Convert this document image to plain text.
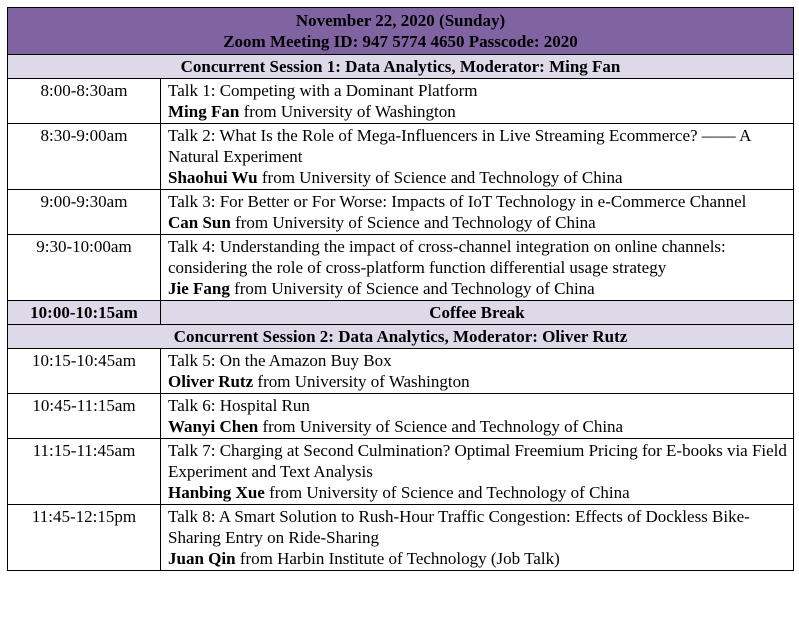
November 22, 2020 (Sunday)
Zoom Meeting ID: 947 5774 4650 Passcode: 2020	

Concurrent Session 1: Data Analytics, Moderator: Ming Fan	
8:00-8:30am	Talk 1: Competing with a Dominant Platform
Ming Fan from University of Washington

8:30-9:00am	Talk 2: What Is the Role of Mega-Influencers in Live Streaming Ecommerce? —— A Natural Experiment
Shaohui Wu from University of Science and Technology of China

9:00-9:30am	Talk 3: For Better or For Worse: Impacts of IoT Technology in e-Commerce Channel
Can Sun from University of Science and Technology of China

9:30-10:00am	Talk 4: Understanding the impact of cross-channel integration on online channels: considering the role of cross-platform function differential usage strategy
Jie Fang from University of Science and Technology of China

10:00-10:15am	Coffee Break
Concurrent Session 2: Data Analytics, Moderator: Oliver Rutz	
10:15-10:45am	Talk 5: On the Amazon Buy Box
Oliver Rutz from University of Washington

10:45-11:15am	Talk 6: Hospital Run
Wanyi Chen from University of Science and Technology of China

11:15-11:45am	Talk 7: Charging at Second Culmination? Optimal Freemium Pricing for E-books via Field Experiment and Text Analysis
Hanbing Xue from University of Science and Technology of China

11:45-12:15pm	Talk 8: A Smart Solution to Rush-Hour Traffic Congestion: Effects of Dockless Bike-Sharing Entry on Ride-Sharing
Juan Qin from Harbin Institute of Technology (Job Talk)
